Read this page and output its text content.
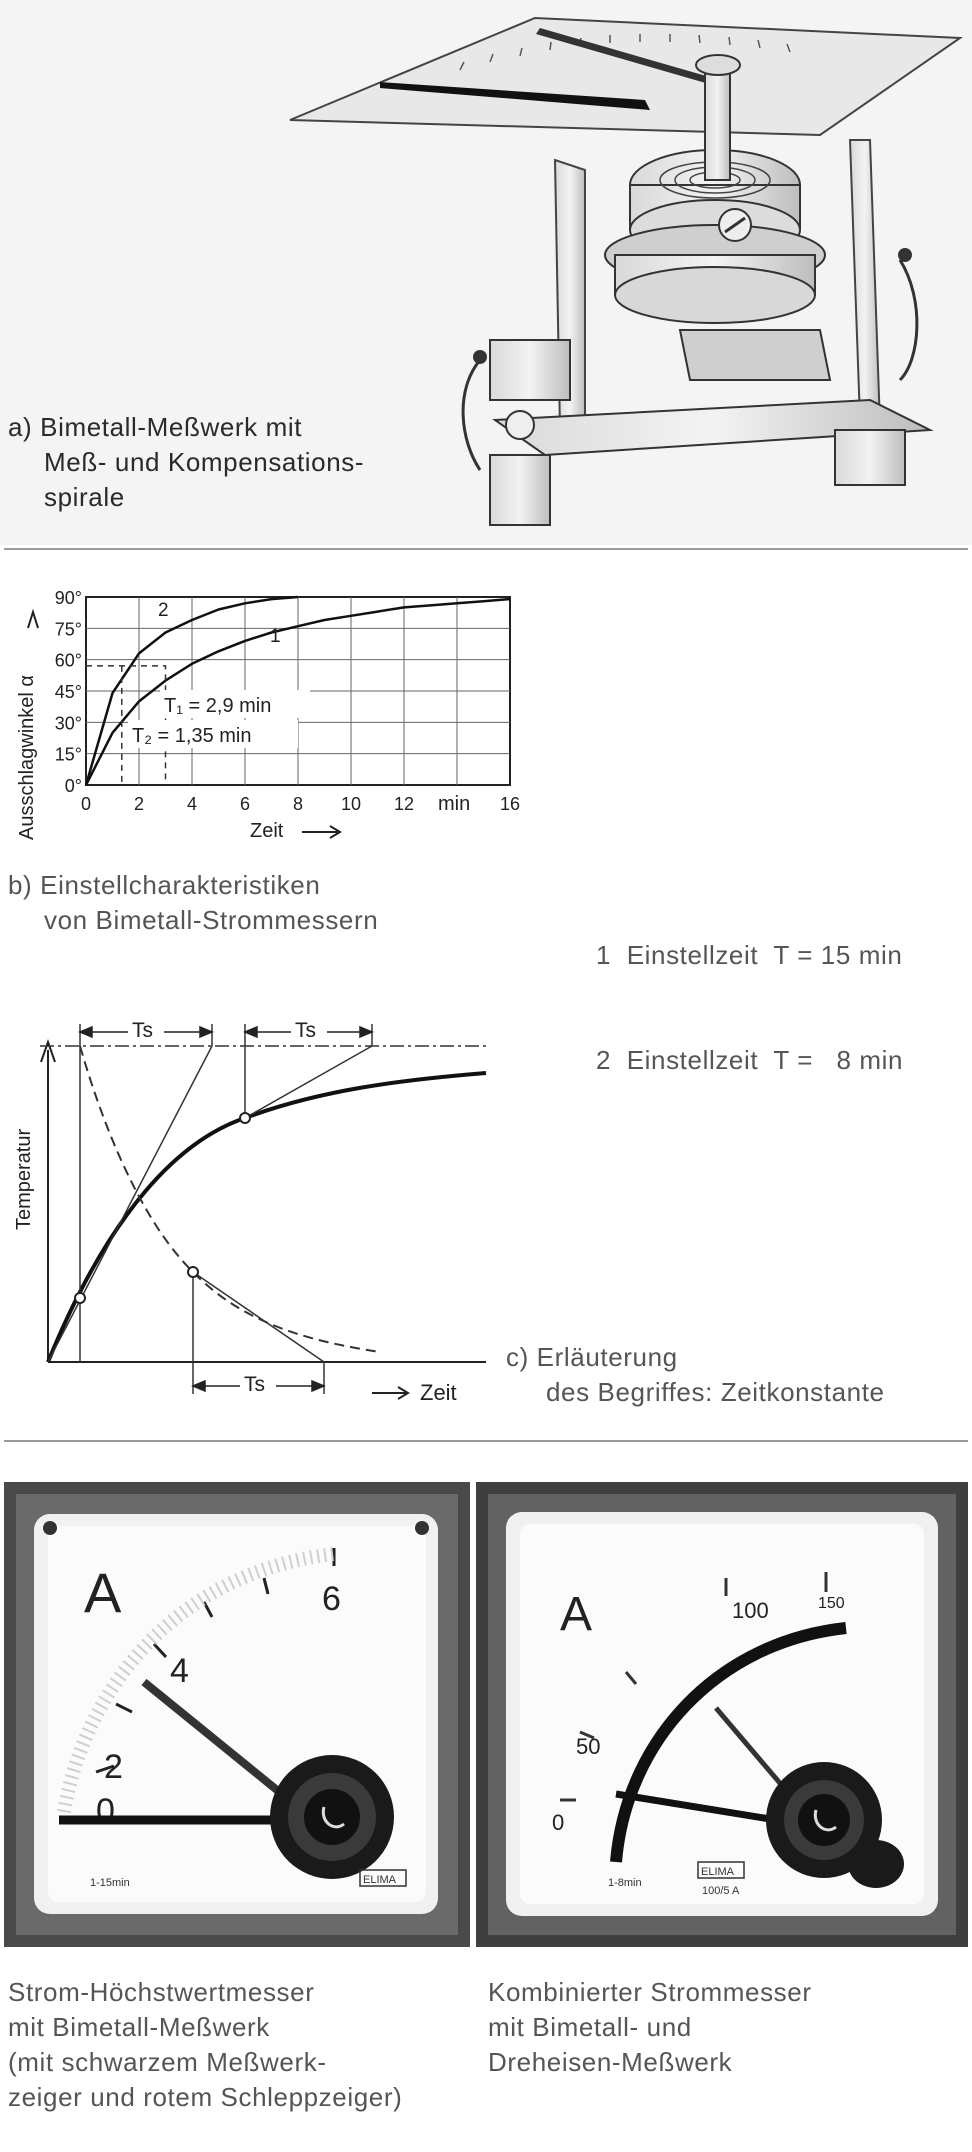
a) Bimetall-Meßwerk mit
Meß- und Kompensations-
spirale
Ausschlagwinkel α 0°
15°
30°
45°
60°
75°
90°
0 2 4 6 8 10 12	16
min
Zeit
2
1
T₁ = 2,9 min
T₂ = 1,35 min
b) Einstellcharakteristiken
von Bimetall-Strommessern

1  Einstellzeit  T = 15 min

2  Einstellzeit  T =   8 min

Temperatur
Zeit
Ts	Ts
Ts
c) Erläuterung
des Begriffes: Zeitkonstante
A
0
2
4
6
1-15min	ELIMA
A
0
50
100	150
1-8min
ELIMA
100/5 A
Strom-Höchstwertmesser
mit Bimetall-Meßwerk
(mit schwarzem Meßwerk-
zeiger und rotem Schleppzeiger)
Kombinierter Strommesser
mit Bimetall- und
Dreheisen-Meßwerk
